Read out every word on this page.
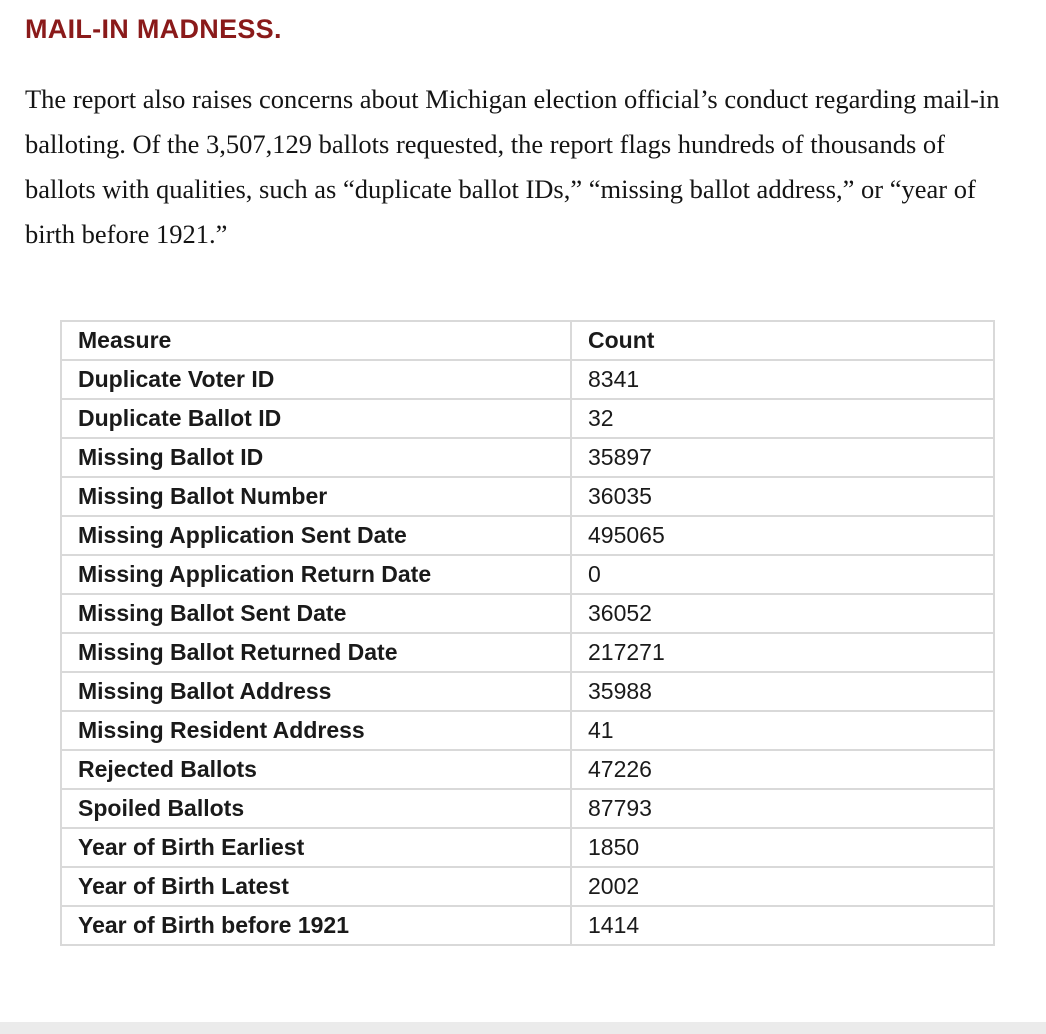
MAIL-IN MADNESS.

The report also raises concerns about Michigan election official’s conduct regarding mail-in balloting. Of the 3,507,129 ballots requested, the report flags hundreds of thousands of ballots with qualities, such as “duplicate ballot IDs,” “missing ballot address,” or “year of birth before 1921.”

Measure	Count
Duplicate Voter ID	8341
Duplicate Ballot ID	32
Missing Ballot ID	35897
Missing Ballot Number	36035
Missing Application Sent Date	495065
Missing Application Return Date	0
Missing Ballot Sent Date	36052
Missing Ballot Returned Date	217271
Missing Ballot Address	35988
Missing Resident Address	41
Rejected Ballots	47226
Spoiled Ballots	87793
Year of Birth Earliest	1850
Year of Birth Latest	2002
Year of Birth before 1921	1414
